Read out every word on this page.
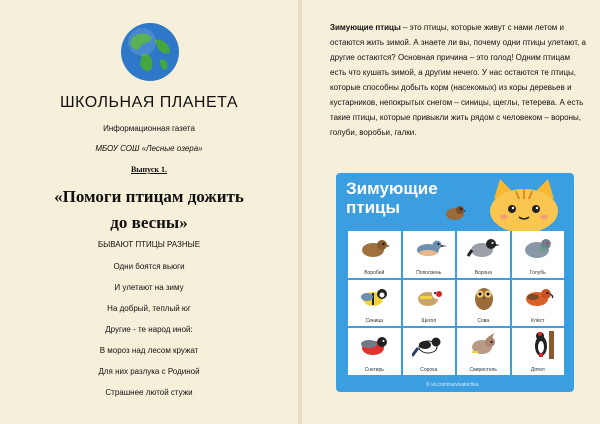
ШКОЛЬНАЯ ПЛАНЕТА
Информационная газета
МБОУ СОШ «Лесные озера»
Выпуск 1.
«Помоги птицам дожить
до весны»
БЫВАЮТ ПТИЦЫ РАЗНЫЕ
Одни боятся вьюги
И улетают на зиму
На добрый, теплый юг
Другие - те народ иной:
В мороз над лесом кружат
Для них разлука с Родиной
Страшнее лютой стужи
Зимующие птицы – это птицы, которые живут с нами летом и остаются жить зимой. А знаете ли вы, почему одни птицы улетают, а другие остаются? Основная причина – это голод! Одним птицам есть что кушать зимой, а другим нечего. У нас остаются те птицы, которые способны добыть корм (насекомых) из коры деревьев и кустарников, непокрытых снегом – синицы, щеглы, тетерева. А есть такие птицы, которые привыкли жить рядом с человеком – вороны, голуби, воробьи, галки.
Зимующие
птицы
Воробей	Поползень	Ворона	Голубь
Синица	Щегол	Сова	Клёст
Снегирь	Сорока	Свиристель	Дятел
© vk.com/razvivalochka
